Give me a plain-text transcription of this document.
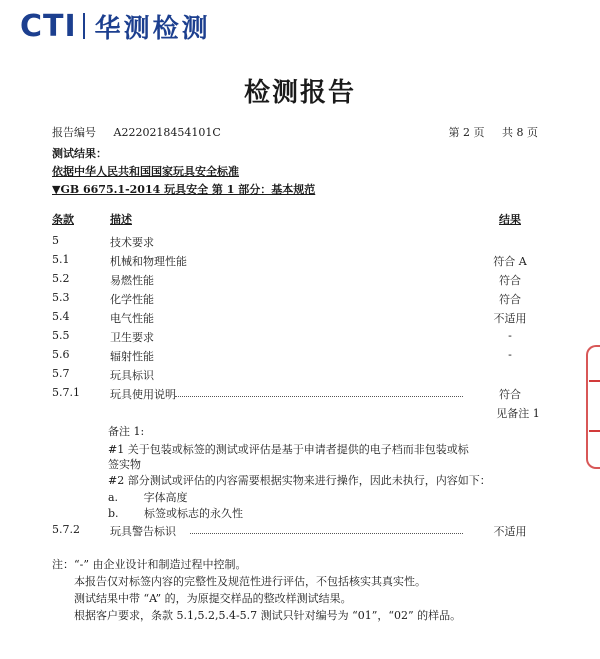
CTI 华测检测
检测报告
报告编号 A2220218454101C	第 2 页 共 8 页
测试结果：
依据中华人民共和国国家玩具安全标准
▼GB 6675.1-2014 玩具安全 第 1 部分：基本规范
条款	描述	结果
5	技术要求
5.1	机械和物理性能	符合 A
5.2	易燃性能	符合
5.3	化学性能	符合
5.4	电气性能	不适用
5.5	卫生要求	-
5.6	辐射性能	-
5.7	玩具标识
5.7.1	玩具使用说明	符合
见备注 1
备注 1:
#1 关于包装或标签的测试或评估是基于申请者提供的电子档而非包装或标
签实物
#2 部分测试或评估的内容需要根据实物来进行操作，因此未执行，内容如下：
a. 字体高度
b. 标签或标志的永久性
5.7.2	玩具警告标识	不适用
注：“-” 由企业设计和制造过程中控制。
本报告仅对标签内容的完整性及规范性进行评估，不包括核实其真实性。
测试结果中带 “A” 的，为原提交样品的整改样测试结果。
根据客户要求，条款 5.1,5.2,5.4-5.7 测试只针对编号为 “01”，“02” 的样品。
